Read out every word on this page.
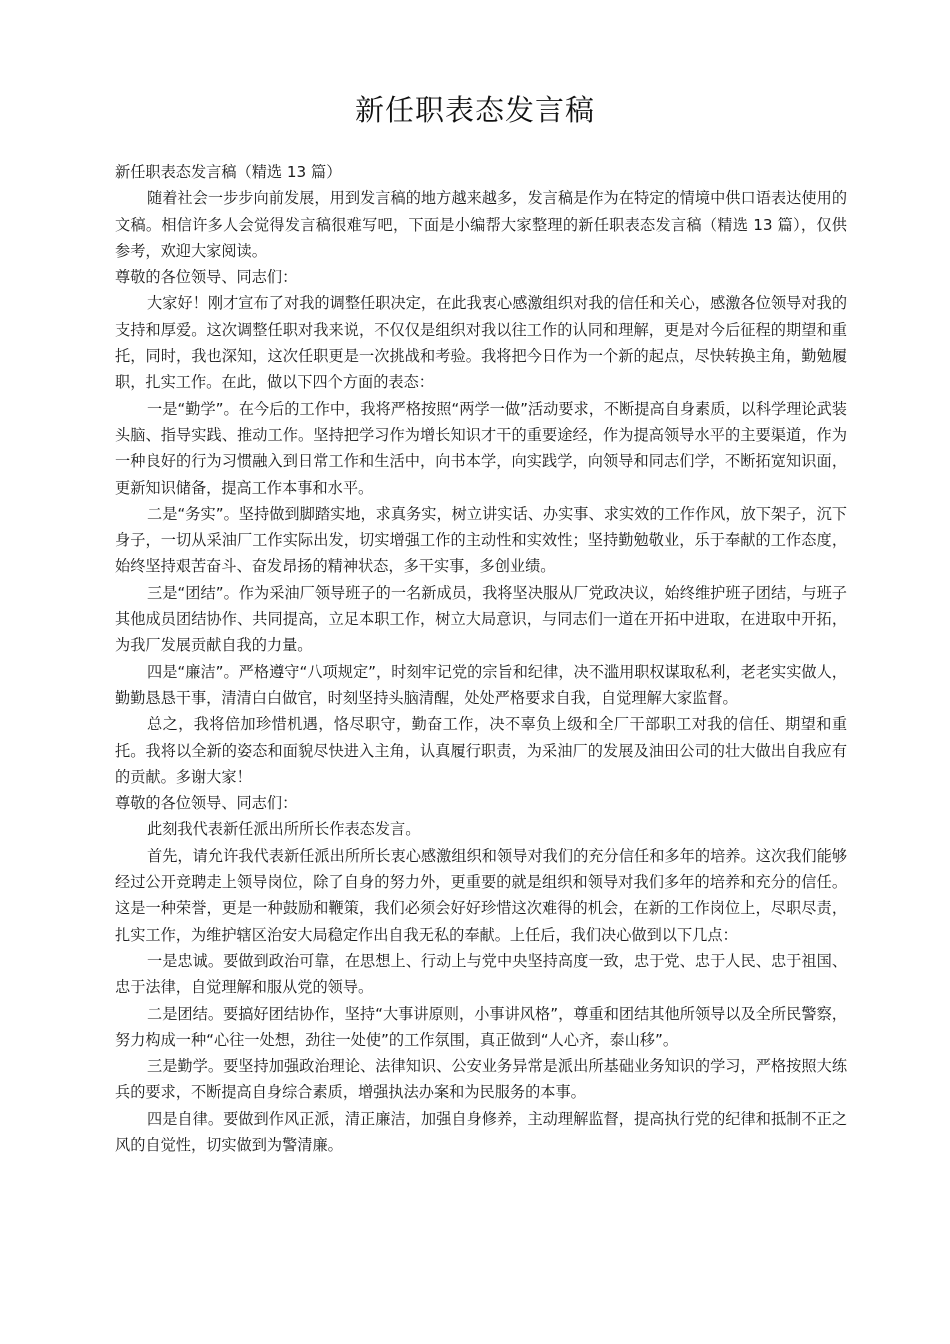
新任职表态发言稿

新任职表态发言稿（精选 13 篇）

随着社会一步步向前发展，用到发言稿的地方越来越多，发言稿是作为在特定的情境中供口语表达使用的文稿。相信许多人会觉得发言稿很难写吧，下面是小编帮大家整理的新任职表态发言稿（精选 13 篇），仅供参考，欢迎大家阅读。

尊敬的各位领导、同志们：

大家好！刚才宣布了对我的调整任职决定，在此我衷心感激组织对我的信任和关心，感激各位领导对我的支持和厚爱。这次调整任职对我来说，不仅仅是组织对我以往工作的认同和理解，更是对今后征程的期望和重托，同时，我也深知，这次任职更是一次挑战和考验。我将把今日作为一个新的起点，尽快转换主角，勤勉履职，扎实工作。在此，做以下四个方面的表态：

一是“勤学”。在今后的工作中，我将严格按照“两学一做”活动要求，不断提高自身素质，以科学理论武装头脑、指导实践、推动工作。坚持把学习作为增长知识才干的重要途经，作为提高领导水平的主要渠道，作为一种良好的行为习惯融入到日常工作和生活中，向书本学，向实践学，向领导和同志们学，不断拓宽知识面，更新知识储备，提高工作本事和水平。

二是“务实”。坚持做到脚踏实地，求真务实，树立讲实话、办实事、求实效的工作作风，放下架子，沉下身子，一切从采油厂工作实际出发，切实增强工作的主动性和实效性；坚持勤勉敬业，乐于奉献的工作态度，始终坚持艰苦奋斗、奋发昂扬的精神状态，多干实事，多创业绩。

三是“团结”。作为采油厂领导班子的一名新成员，我将坚决服从厂党政决议，始终维护班子团结，与班子其他成员团结协作、共同提高，立足本职工作，树立大局意识，与同志们一道在开拓中进取，在进取中开拓，为我厂发展贡献自我的力量。

四是“廉洁”。严格遵守“八项规定”，时刻牢记党的宗旨和纪律，决不滥用职权谋取私利，老老实实做人，勤勤恳恳干事，清清白白做官，时刻坚持头脑清醒，处处严格要求自我，自觉理解大家监督。

总之，我将倍加珍惜机遇，恪尽职守，勤奋工作，决不辜负上级和全厂干部职工对我的信任、期望和重托。我将以全新的姿态和面貌尽快进入主角，认真履行职责，为采油厂的发展及油田公司的壮大做出自我应有的贡献。多谢大家！

尊敬的各位领导、同志们：

此刻我代表新任派出所所长作表态发言。

首先，请允许我代表新任派出所所长衷心感激组织和领导对我们的充分信任和多年的培养。这次我们能够经过公开竞聘走上领导岗位，除了自身的努力外，更重要的就是组织和领导对我们多年的培养和充分的信任。这是一种荣誉，更是一种鼓励和鞭策，我们必须会好好珍惜这次难得的机会，在新的工作岗位上，尽职尽责，扎实工作，为维护辖区治安大局稳定作出自我无私的奉献。上任后，我们决心做到以下几点：

一是忠诚。要做到政治可靠，在思想上、行动上与党中央坚持高度一致，忠于党、忠于人民、忠于祖国、忠于法律，自觉理解和服从党的领导。

二是团结。要搞好团结协作，坚持“大事讲原则，小事讲风格”，尊重和团结其他所领导以及全所民警察，努力构成一种“心往一处想，劲往一处使”的工作氛围，真正做到“人心齐，泰山移”。

三是勤学。要坚持加强政治理论、法律知识、公安业务异常是派出所基础业务知识的学习，严格按照大练兵的要求，不断提高自身综合素质，增强执法办案和为民服务的本事。

四是自律。要做到作风正派，清正廉洁，加强自身修养，主动理解监督，提高执行党的纪律和抵制不正之风的自觉性，切实做到为警清廉。
